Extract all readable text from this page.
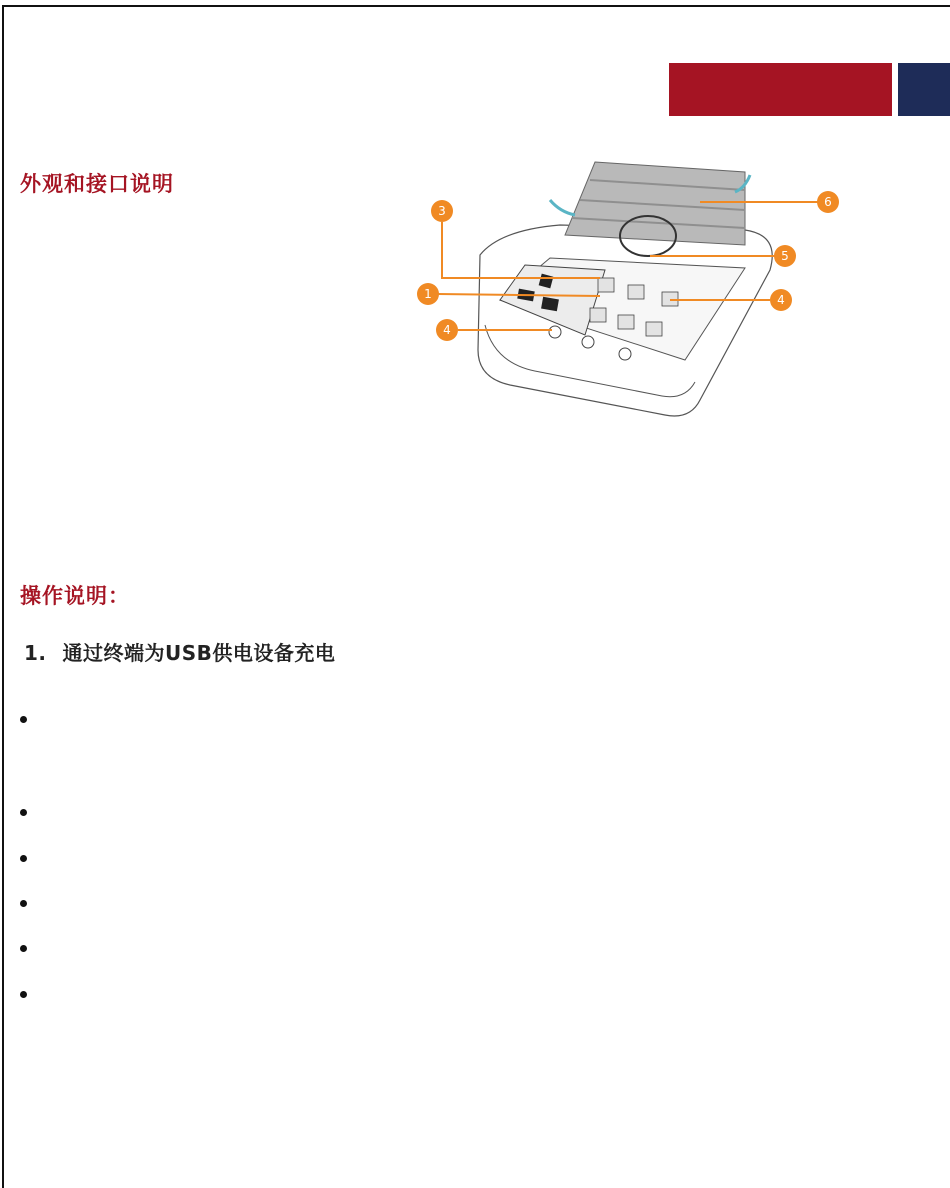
外观和接口说明
1
3
4
4
5
6
操作说明：
1. 通过终端为USB供电设备充电
